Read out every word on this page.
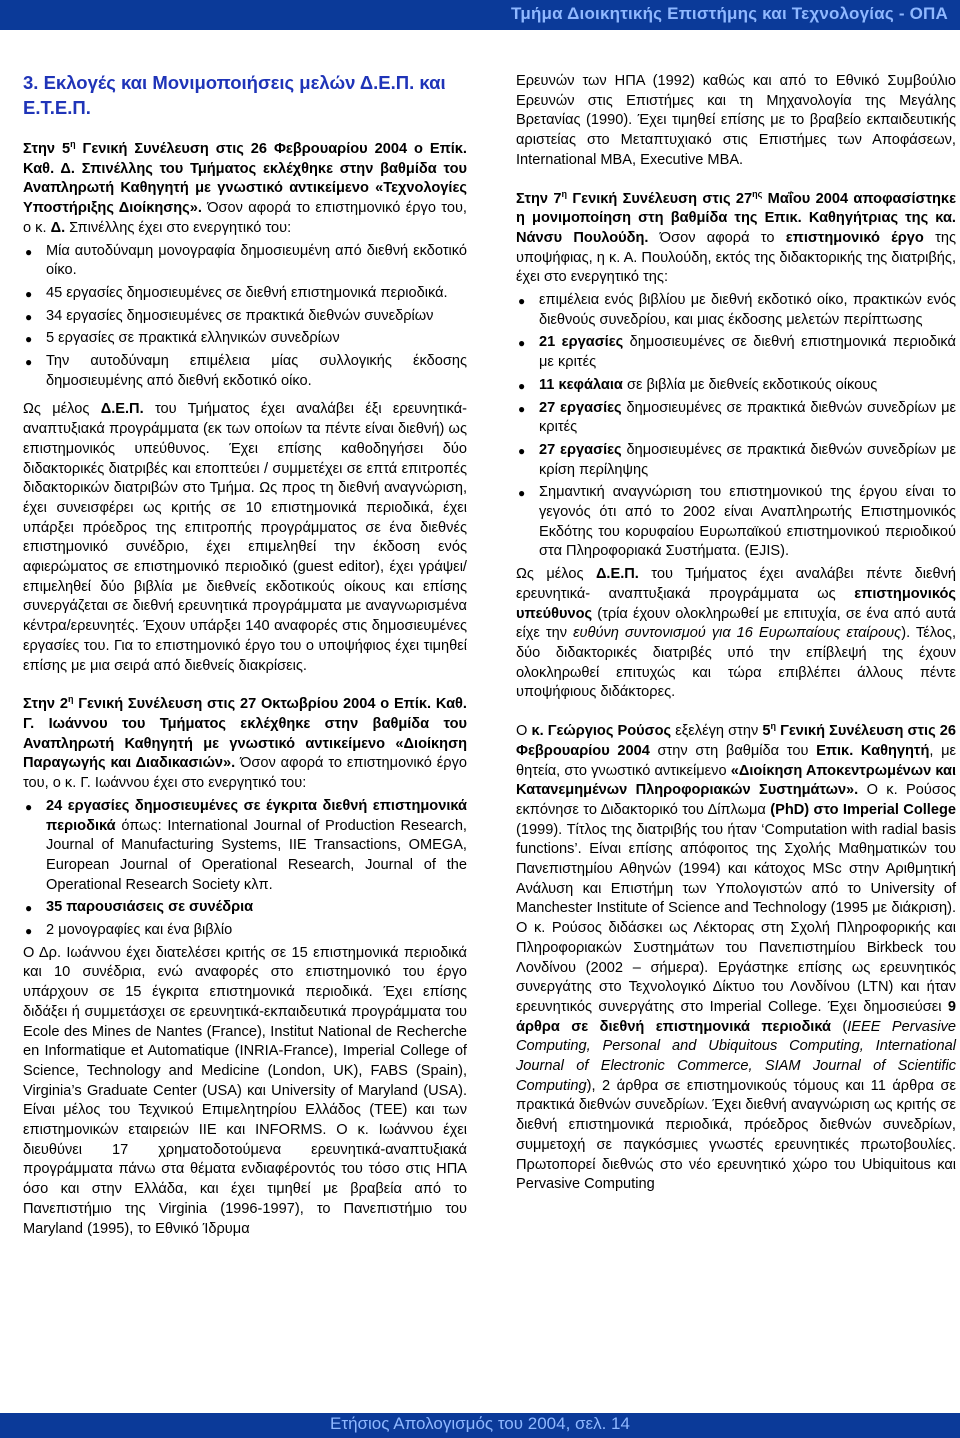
Τμήμα Διοικητικής Επιστήμης και Τεχνολογίας - ΟΠΑ
3. Εκλογές και Μονιμοποιήσεις μελών Δ.Ε.Π. και Ε.Τ.Ε.Π.

Στην $5^\eta$ Γενική Συνέλευση στις 26 Φεβρουαρίου 2004 ο Επίκ. Καθ. Δ. Σπινέλλης του Τμήματος εκλέχθηκε στην βαθμίδα του Αναπληρωτή Καθηγητή με γνωστικό αντικείμενο «Τεχνολογίες Υποστήριξης Διοίκησης». Όσον αφορά το επιστημονικό έργο του, ο κ. Δ. Σπινέλλης έχει στο ενεργητικό του:

● Μία αυτοδύναμη μονογραφία δημοσιευμένη από διεθνή εκδοτικό οίκο.
● 45 εργασίες δημοσιευμένες σε διεθνή επιστημονικά περιοδικά.
● 34 εργασίες δημοσιευμένες σε πρακτικά διεθνών συνεδρίων
● 5 εργασίες σε πρακτικά ελληνικών συνεδρίων
● Την αυτοδύναμη επιμέλεια μίας συλλογικής έκδοσης δημοσιευμένης από διεθνή εκδοτικό οίκο.

Ως μέλος Δ.Ε.Π. του Τμήματος έχει αναλάβει έξι ερευνητικά-αναπτυξιακά προγράμματα (εκ των οποίων τα πέντε είναι διεθνή) ως επιστημονικός υπεύθυνος. Έχει επίσης καθοδηγήσει δύο διδακτορικές διατριβές και εποπτεύει / συμμετέχει σε επτά επιτροπές διδακτορικών διατριβών στο Τμήμα. Ως προς τη διεθνή αναγνώριση, έχει συνεισφέρει ως κριτής σε 10 επιστημονικά περιοδικά, έχει υπάρξει πρόεδρος της επιτροπής προγράμματος σε ένα διεθνές επιστημονικό συνέδριο, έχει επιμεληθεί την έκδοση ενός αφιερώματος σε επιστημονικό περιοδικό (guest editor), έχει γράψει/επιμεληθεί δύο βιβλία με διεθνείς εκδοτικούς οίκους και επίσης συνεργάζεται σε διεθνή ερευνητικά προγράμματα με αναγνωρισμένα κέντρα/ερευνητές. Έχουν υπάρξει 140 αναφορές στις δημοσιευμένες εργασίες του. Για το επιστημονικό έργο του ο υποψήφιος έχει τιμηθεί επίσης με μια σειρά από διεθνείς διακρίσεις.

Στην $2^\eta$ Γενική Συνέλευση στις 27 Οκτωβρίου 2004 ο Επίκ. Καθ. Γ. Ιωάννου του Τμήματος εκλέχθηκε στην βαθμίδα του Αναπληρωτή Καθηγητή με γνωστικό αντικείμενο «Διοίκηση Παραγωγής και Διαδικασιών». Όσον αφορά το επιστημονικό έργο του, ο κ. Γ. Ιωάννου έχει στο ενεργητικό του:

● 24 εργασίες δημοσιευμένες σε έγκριτα διεθνή επιστημονικά περιοδικά όπως: International Journal of Production Research, Journal of Manufacturing Systems, IIE Transactions, OMEGA, European Journal of Operational Research, Journal of the Operational Research Society κλπ.
● 35 παρουσιάσεις σε συνέδρια
● 2 μονογραφίες και ένα βιβλίο

Ο Δρ. Ιωάννου έχει διατελέσει κριτής σε 15 επιστημονικά περιοδικά και 10 συνέδρια, ενώ αναφορές στο επιστημονικό του έργο υπάρχουν σε 15 έγκριτα επιστημονικά περιοδικά. Έχει επίσης διδάξει ή συμμετάσχει σε ερευνητικά-εκπαιδευτικά προγράμματα του Ecole des Mines de Nantes (France), Institut National de Recherche en Informatique et Automatique (INRIA-France), Imperial College of Science, Technology and Medicine (London, UK), FABS (Spain), Virginia’s Graduate Center (USA) και University of Maryland (USA). Είναι μέλος του Τεχνικού Επιμελητηρίου Ελλάδος (ΤΕΕ) και των επιστημονικών εταιρειών IIE και INFORMS. Ο κ. Ιωάννου έχει διευθύνει 17 χρηματοδοτούμενα ερευνητικά-αναπτυξιακά προγράμματα πάνω στα θέματα ενδιαφέροντός του τόσο στις ΗΠΑ όσο και στην Ελλάδα, και έχει τιμηθεί με βραβεία από το Πανεπιστήμιο της Virginia (1996-1997), το Πανεπιστήμιο του Maryland (1995), το Εθνικό Ίδρυμα

Ερευνών των ΗΠΑ (1992) καθώς και από το Εθνικό Συμβούλιο Ερευνών στις Επιστήμες και τη Μηχανολογία της Μεγάλης Βρετανίας (1990). Έχει τιμηθεί επίσης με το βραβείο εκπαιδευτικής αριστείας στο Μεταπτυχιακό στις Επιστήμες των Αποφάσεων, International MBA, Executive MBA.

Στην $7^\eta$ Γενική Συνέλευση στις $27^{\eta\varsigma}$ Μαΐου 2004 αποφασίστηκε η μονιμοποίηση στη βαθμίδα της Επικ. Καθηγήτριας της κα. Νάνσυ Πουλούδη. Όσον αφορά το επιστημονικό έργο της υποψήφιας, η κ. Α. Πουλούδη, εκτός της διδακτορικής της διατριβής, έχει στο ενεργητικό της:

● επιμέλεια ενός βιβλίου με διεθνή εκδοτικό οίκο, πρακτικών ενός διεθνούς συνεδρίου, και μιας έκδοσης μελετών περίπτωσης
● 21 εργασίες δημοσιευμένες σε διεθνή επιστημονικά περιοδικά με κριτές
● 11 κεφάλαια σε βιβλία με διεθνείς εκδοτικούς οίκους
● 27 εργασίες δημοσιευμένες σε πρακτικά διεθνών συνεδρίων με κριτές
● 27 εργασίες δημοσιευμένες σε πρακτικά διεθνών συνεδρίων με κρίση περίληψης
● Σημαντική αναγνώριση του επιστημονικού της έργου είναι το γεγονός ότι από το 2002 είναι Αναπληρωτής Επιστημονικός Εκδότης του κορυφαίου Ευρωπαϊκού επιστημονικού περιοδικού στα Πληροφοριακά Συστήματα. (EJIS).

Ως μέλος Δ.Ε.Π. του Τμήματος έχει αναλάβει πέντε διεθνή ερευνητικά- αναπτυξιακά προγράμματα ως επιστημονικός υπεύθυνος (τρία έχουν ολοκληρωθεί με επιτυχία, σε ένα από αυτά είχε την ευθύνη συντονισμού για 16 Ευρωπαίους εταίρους). Τέλος, δύο διδακτορικές διατριβές υπό την επίβλεψή της έχουν ολοκληρωθεί επιτυχώς και τώρα επιβλέπει άλλους πέντε υποψήφιους διδάκτορες.

Ο κ. Γεώργιος Ρούσος εξελέγη στην $5^\eta$ Γενική Συνέλευση στις 26 Φεβρουαρίου 2004 στην στη βαθμίδα του Επικ. Καθηγητή, με θητεία, στο γνωστικό αντικείμενο «Διοίκηση Αποκεντρωμένων και Κατανεμημένων Πληροφοριακών Συστημάτων». Ο κ. Ρούσος εκπόνησε το Διδακτορικό του Δίπλωμα (PhD) στο Imperial College (1999). Τίτλος της διατριβής του ήταν ‘Computation with radial basis functions’. Είναι επίσης απόφοιτος της Σχολής Μαθηματικών του Πανεπιστημίου Αθηνών (1994) και κάτοχος MSc στην Αριθμητική Ανάλυση και Επιστήμη των Υπολογιστών από το University of Manchester Institute of Science and Technology (1995 με διάκριση). Ο κ. Ρούσος διδάσκει ως Λέκτορας στη Σχολή Πληροφορικής και Πληροφοριακών Συστημάτων του Πανεπιστημίου Birkbeck του Λονδίνου (2002 – σήμερα). Εργάστηκε επίσης ως ερευνητικός συνεργάτης στο Τεχνολογικό Δίκτυο του Λονδίνου (LTN) και ήταν ερευνητικός συνεργάτης στο Imperial College. Έχει δημοσιεύσει 9 άρθρα σε διεθνή επιστημονικά περιοδικά (IEEE Pervasive Computing, Personal and Ubiquitous Computing, International Journal of Electronic Commerce, SIAM Journal of Scientific Computing), 2 άρθρα σε επιστημονικούς τόμους και 11 άρθρα σε πρακτικά διεθνών συνεδρίων. Έχει διεθνή αναγνώριση ως κριτής σε διεθνή επιστημονικά περιοδικά, πρόεδρος διεθνών συνεδρίων, συμμετοχή σε παγκόσμιες γνωστές ερευνητικές πρωτοβουλίες. Πρωτοπορεί διεθνώς στο νέο ερευνητικό χώρο του Ubiquitous και Pervasive Computing

Ετήσιος Απολογισμός του 2004, σελ. 14
